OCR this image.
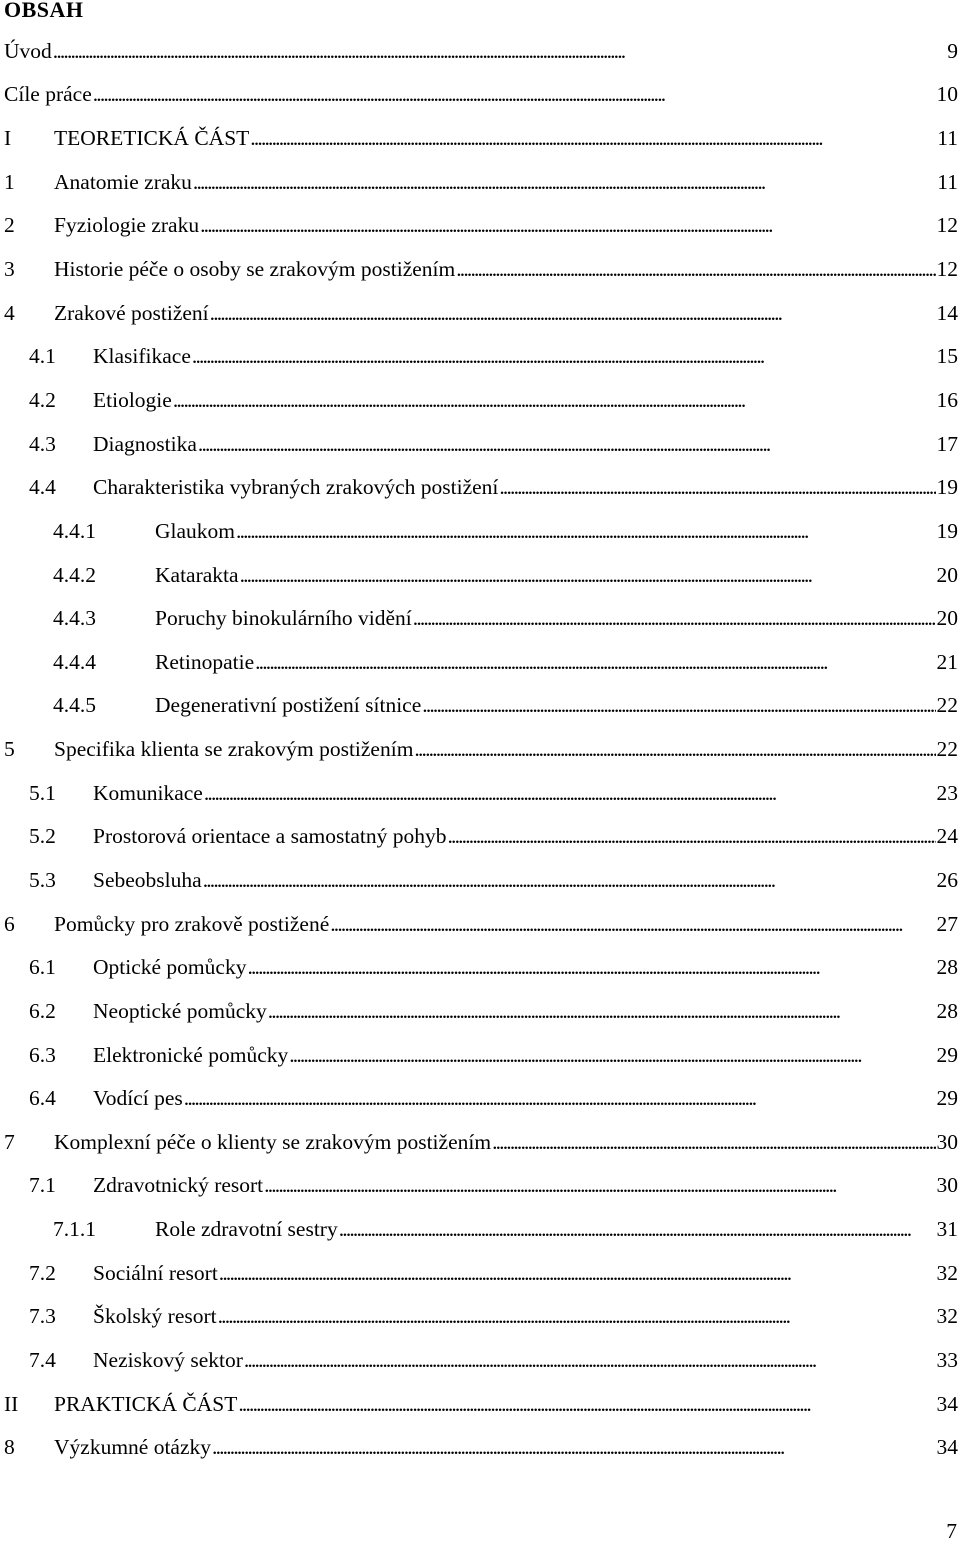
OBSAH
Úvod . . .	9
Cíle práce . . .	10
I	TEORETICKÁ ČÁST . . .	11
1	Anatomie zraku . . .	11
2	Fyziologie zraku . . .	12
3	Historie péče o osoby se zrakovým postižením . . .	12
4	Zrakové postižení . . .	14
4.1	Klasifikace . . .	15
4.2	Etiologie . . .	16
4.3	Diagnostika . . .	17
4.4	Charakteristika vybraných zrakových postižení . . .	19
4.4.1	Glaukom . . .	19
4.4.2	Katarakta . . .	20
4.4.3	Poruchy binokulárního vidění . . .	20
4.4.4	Retinopatie . . .	21
4.4.5	Degenerativní postižení sítnice . . .	22
5	Specifika klienta se zrakovým postižením . . .	22
5.1	Komunikace . . .	23
5.2	Prostorová orientace a samostatný pohyb . . .	24
5.3	Sebeobsluha . . .	26
6	Pomůcky pro zrakově postižené . . .	27
6.1	Optické pomůcky . . .	28
6.2	Neoptické pomůcky . . .	28
6.3	Elektronické pomůcky . . .	29
6.4	Vodící pes . . .	29
7	Komplexní péče o klienty se zrakovým postižením . . .	30
7.1	Zdravotnický resort . . .	30
7.1.1	Role zdravotní sestry . . .	31
7.2	Sociální resort . . .	32
7.3	Školský resort . . .	32
7.4	Neziskový sektor . . .	33
II	PRAKTICKÁ ČÁST . . .	34
8	Výzkumné otázky . . .	34
7
